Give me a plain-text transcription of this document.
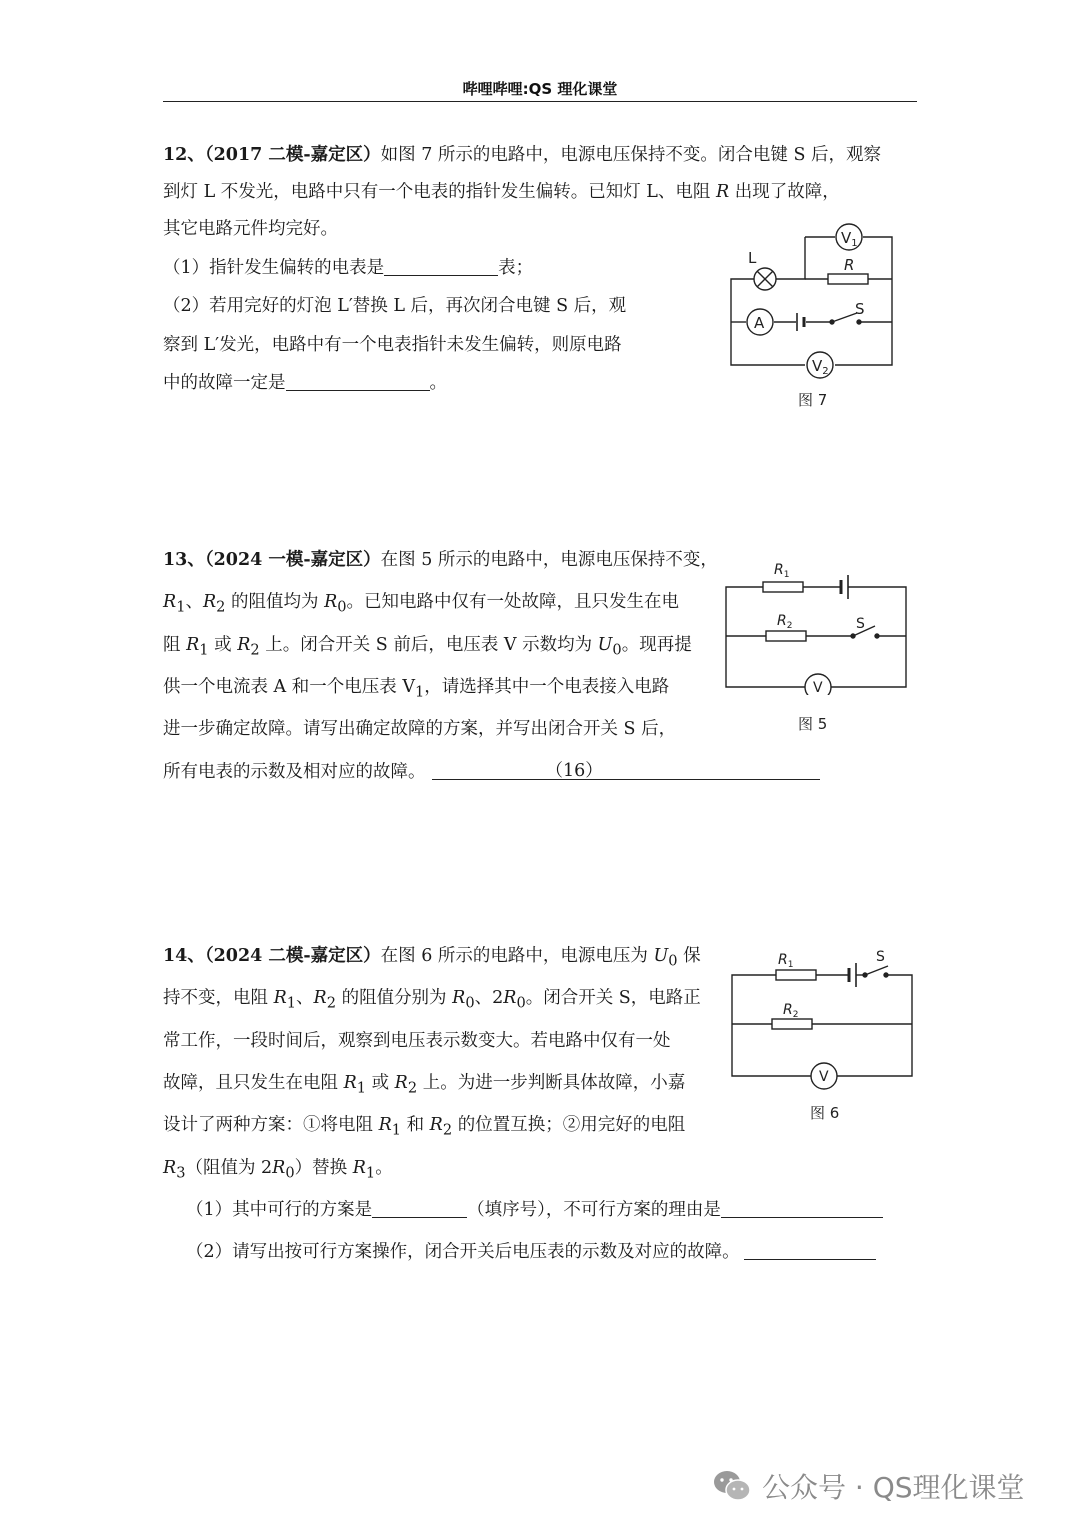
哔哩哔哩:QS 理化课堂
12、（2017 二模-嘉定区）如图 7 所示的电路中，电源电压保持不变。闭合电键 S 后，观察
到灯 L 不发光，电路中只有一个电表的指针发生偏转。已知灯 L、电阻 R 出现了故障，
其它电路元件均完好。
（1）指针发生偏转的电表是	表；
（2）若用完好的灯泡 L′替换 L 后，再次闭合电键 S 后，观
察到 L′发光，电路中有一个电表指针未发生偏转，则原电路
中的故障一定是	。
L	R
S
A
$V_1$
$V_2$
图 7
13、（2024 一模-嘉定区）在图 5 所示的电路中，电源电压保持不变，
$R_1$、$R_2$ 的阻值均为 $R_0$。已知电路中仅有一处故障，且只发生在电
阻 $R_1$ 或 $R_2$ 上。闭合开关 S 前后，电压表 V 示数均为 $U_0$。现再提
供一个电流表 A 和一个电压表 $V_1$，请选择其中一个电表接入电路
进一步确定故障。请写出确定故障的方案，并写出闭合开关 S 后，
所有电表的示数及相对应的故障。	（16）
$R_1$
$R_2$	S
V
图 5
14、（2024 二模-嘉定区）在图 6 所示的电路中，电源电压为 $U_0$ 保
持不变，电阻 $R_1$、$R_2$ 的阻值分别为 $R_0$、$2R_0$。闭合开关 S，电路正
常工作，一段时间后，观察到电压表示数变大。若电路中仅有一处
故障，且只发生在电阻 $R_1$ 或 $R_2$ 上。为进一步判断具体故障，小嘉
设计了两种方案：①将电阻 $R_1$ 和 $R_2$ 的位置互换；②用完好的电阻
$R_3$（阻值为 $2R_0$）替换 $R_1$。
（1）其中可行的方案是	（填序号），不可行方案的理由是
（2）请写出按可行方案操作，闭合开关后电压表的示数及对应的故障。
$R_1$
$R_2$
S
V
图 6
公众号 · QS理化课堂
